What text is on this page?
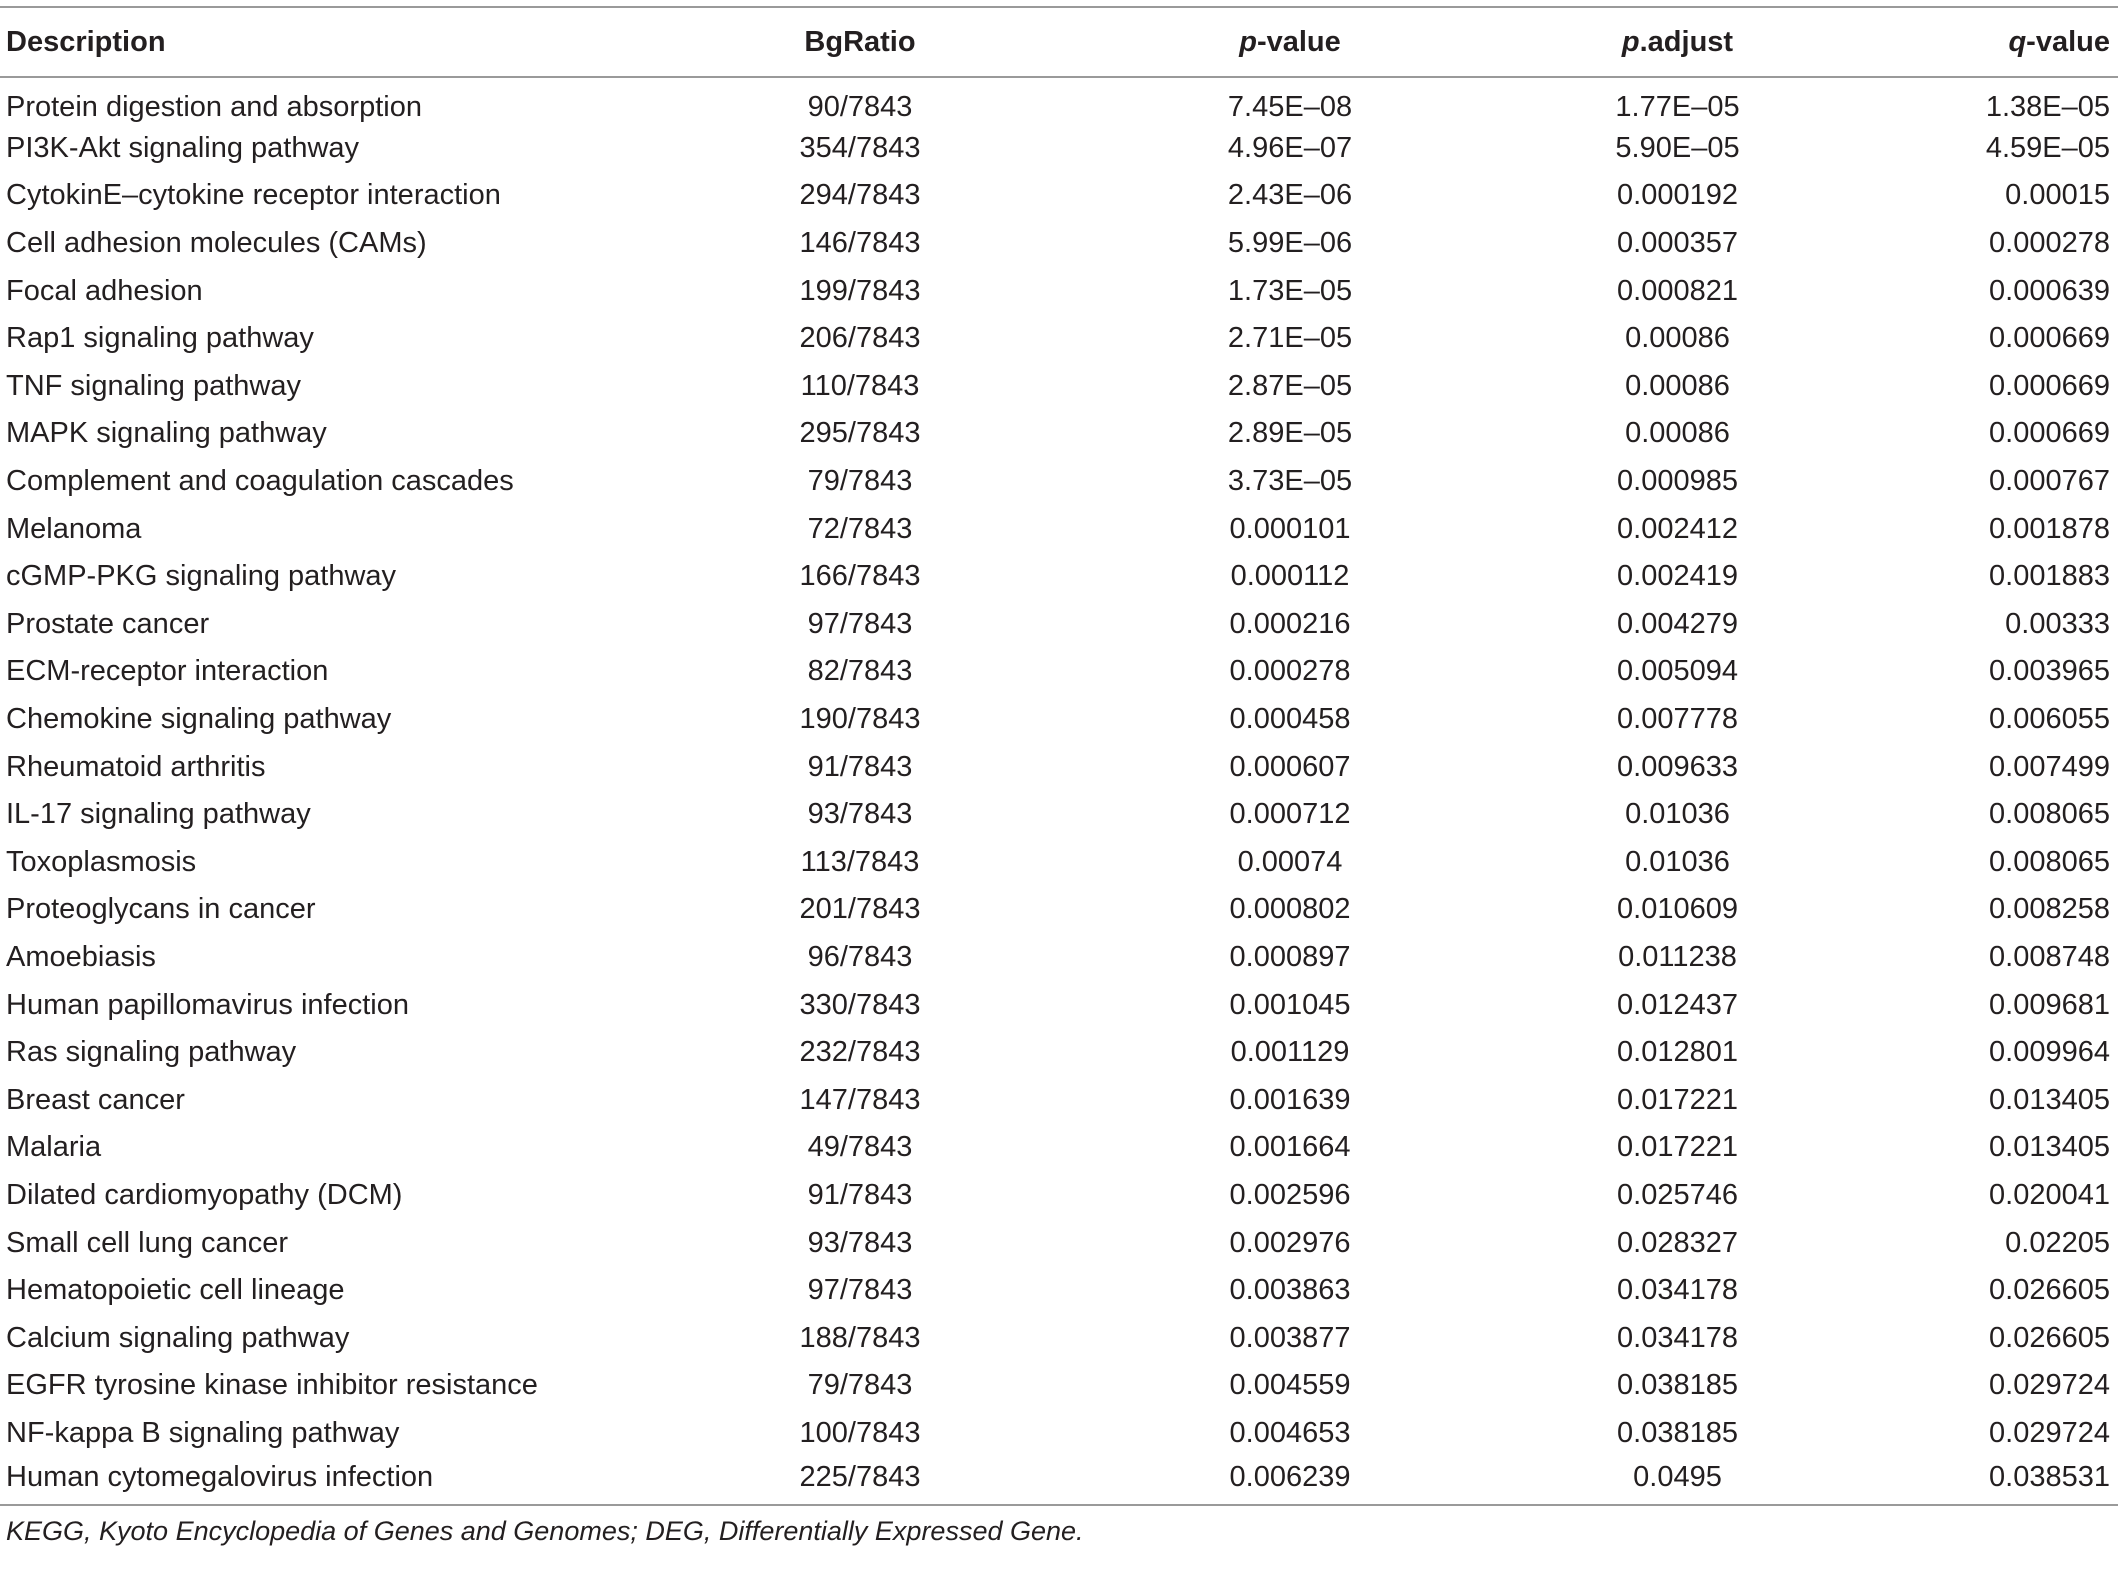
Description	BgRatio	p-value	p.adjust	q-value
Protein digestion and absorption	90/7843	7.45E–08	1.77E–05	1.38E–05
PI3K-Akt signaling pathway	354/7843	4.96E–07	5.90E–05	4.59E–05
CytokinE–cytokine receptor interaction	294/7843	2.43E–06	0.000192	0.00015
Cell adhesion molecules (CAMs)	146/7843	5.99E–06	0.000357	0.000278
Focal adhesion	199/7843	1.73E–05	0.000821	0.000639
Rap1 signaling pathway	206/7843	2.71E–05	0.00086	0.000669
TNF signaling pathway	110/7843	2.87E–05	0.00086	0.000669
MAPK signaling pathway	295/7843	2.89E–05	0.00086	0.000669
Complement and coagulation cascades	79/7843	3.73E–05	0.000985	0.000767
Melanoma	72/7843	0.000101	0.002412	0.001878
cGMP-PKG signaling pathway	166/7843	0.000112	0.002419	0.001883
Prostate cancer	97/7843	0.000216	0.004279	0.00333
ECM-receptor interaction	82/7843	0.000278	0.005094	0.003965
Chemokine signaling pathway	190/7843	0.000458	0.007778	0.006055
Rheumatoid arthritis	91/7843	0.000607	0.009633	0.007499
IL-17 signaling pathway	93/7843	0.000712	0.01036	0.008065
Toxoplasmosis	113/7843	0.00074	0.01036	0.008065
Proteoglycans in cancer	201/7843	0.000802	0.010609	0.008258
Amoebiasis	96/7843	0.000897	0.011238	0.008748
Human papillomavirus infection	330/7843	0.001045	0.012437	0.009681
Ras signaling pathway	232/7843	0.001129	0.012801	0.009964
Breast cancer	147/7843	0.001639	0.017221	0.013405
Malaria	49/7843	0.001664	0.017221	0.013405
Dilated cardiomyopathy (DCM)	91/7843	0.002596	0.025746	0.020041
Small cell lung cancer	93/7843	0.002976	0.028327	0.02205
Hematopoietic cell lineage	97/7843	0.003863	0.034178	0.026605
Calcium signaling pathway	188/7843	0.003877	0.034178	0.026605
EGFR tyrosine kinase inhibitor resistance	79/7843	0.004559	0.038185	0.029724
NF-kappa B signaling pathway	100/7843	0.004653	0.038185	0.029724
Human cytomegalovirus infection	225/7843	0.006239	0.0495	0.038531
KEGG, Kyoto Encyclopedia of Genes and Genomes; DEG, Differentially Expressed Gene.				
